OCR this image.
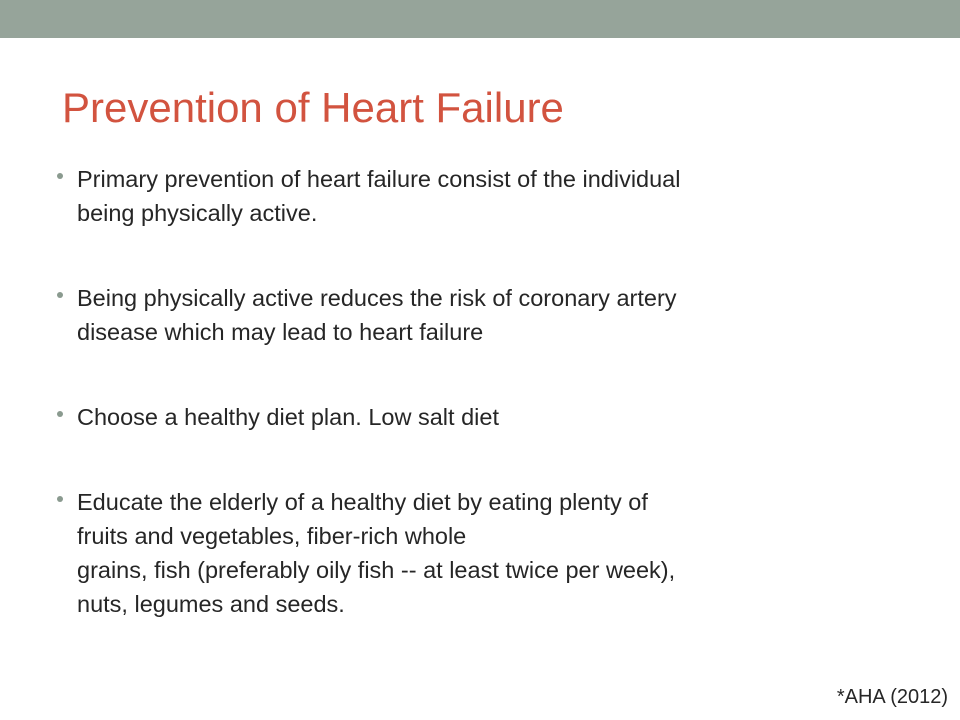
Prevention of Heart Failure
Primary prevention of heart failure consist of the individual
being physically active.
Being physically active reduces the risk of coronary artery
disease which may lead to heart failure
Choose a healthy diet plan. Low salt diet
Educate the elderly of a healthy diet by eating plenty of
fruits and vegetables, fiber-rich whole
grains, fish (preferably oily fish -- at least twice per week),
nuts, legumes and seeds.
*AHA (2012)
